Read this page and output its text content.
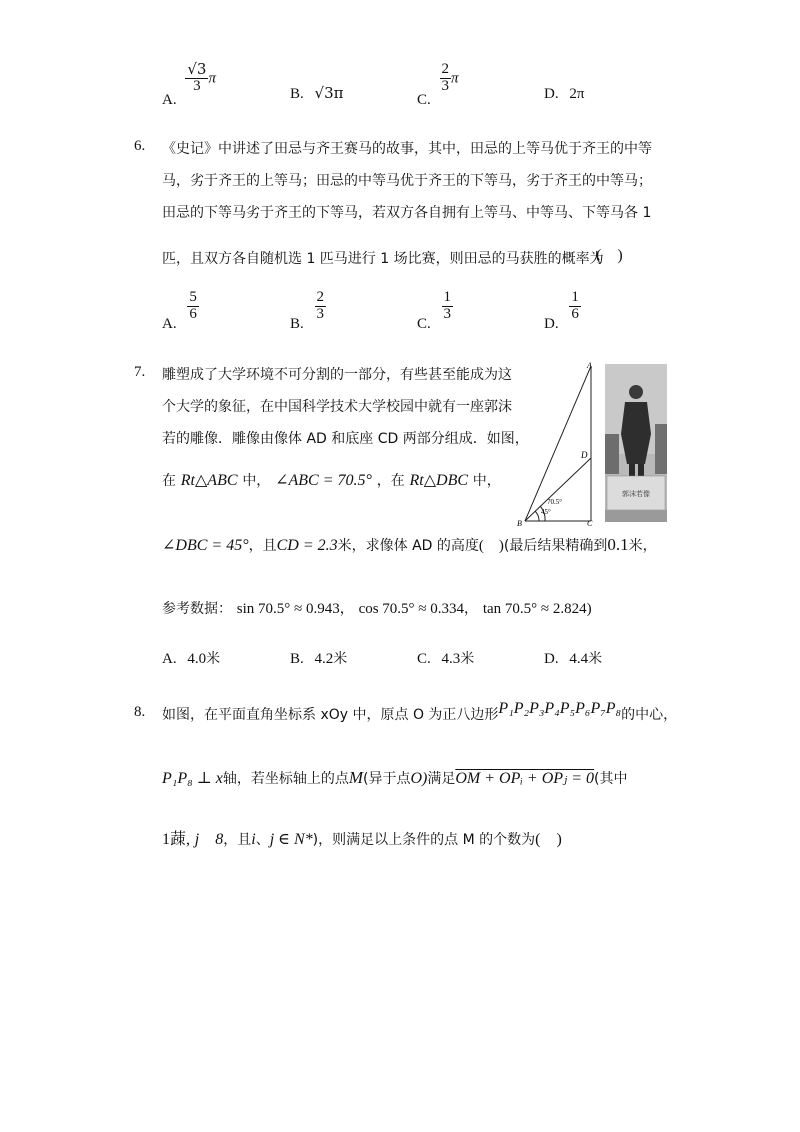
A.
$\frac{√3}{3}$ π
B. √3π	C.
$\frac{2}{3}$ π
D. 2π
6. 《史记》中讲述了田忌与齐王赛马的故事，其中，田忌的上等马优于齐王的中等
马，劣于齐王的上等马；田忌的中等马优于齐王的下等马，劣于齐王的中等马；
田忌的下等马劣于齐王的下等马，若双方各自拥有上等马、中等马、下等马各 1
匹，且双方各自随机选 1 匹马进行 1 场比赛，则田忌的马获胜的概率为
(　)
A.
$\frac{5}{6}$
B.
$\frac{2}{3}$
C.
$\frac{1}{3}$
D.
$\frac{1}{6}$
7. 雕塑成了大学环境不可分割的一部分，有些甚至能成为这
个大学的象征，在中国科学技术大学校园中就有一座郭沫
若的雕像．雕像由像体 AD 和底座 CD 两部分组成．如图，
在 Rt△ABC 中， ∠ABC = 70.5° ，在 Rt△DBC 中，
∠DBC = 45°，且CD = 2.3米，求像体 AD 的高度(　)(最后结果精确到0.1米，
参考数据： sin 70.5° ≈ 0.943， cos 70.5° ≈ 0.334， tan 70.5° ≈ 2.824)
A. 4.0米	B. 4.2米	C. 4.3米	D. 4.4米
A
D
B	C
70.5°
45°
郭沫若像
8. 如图，在平面直角坐标系 xOy 中，原点 O 为正八边形P₁P₂P₃P₄P₅P₆P₇P₈的中心，
P₁P₈ ⊥ x轴，若坐标轴上的点M(异于点O)满足OM + OPᵢ + OPⱼ = 0(其中
1䔫, j　8，且i、j ∈ N*)，则满足以上条件的点 M 的个数为(　)
